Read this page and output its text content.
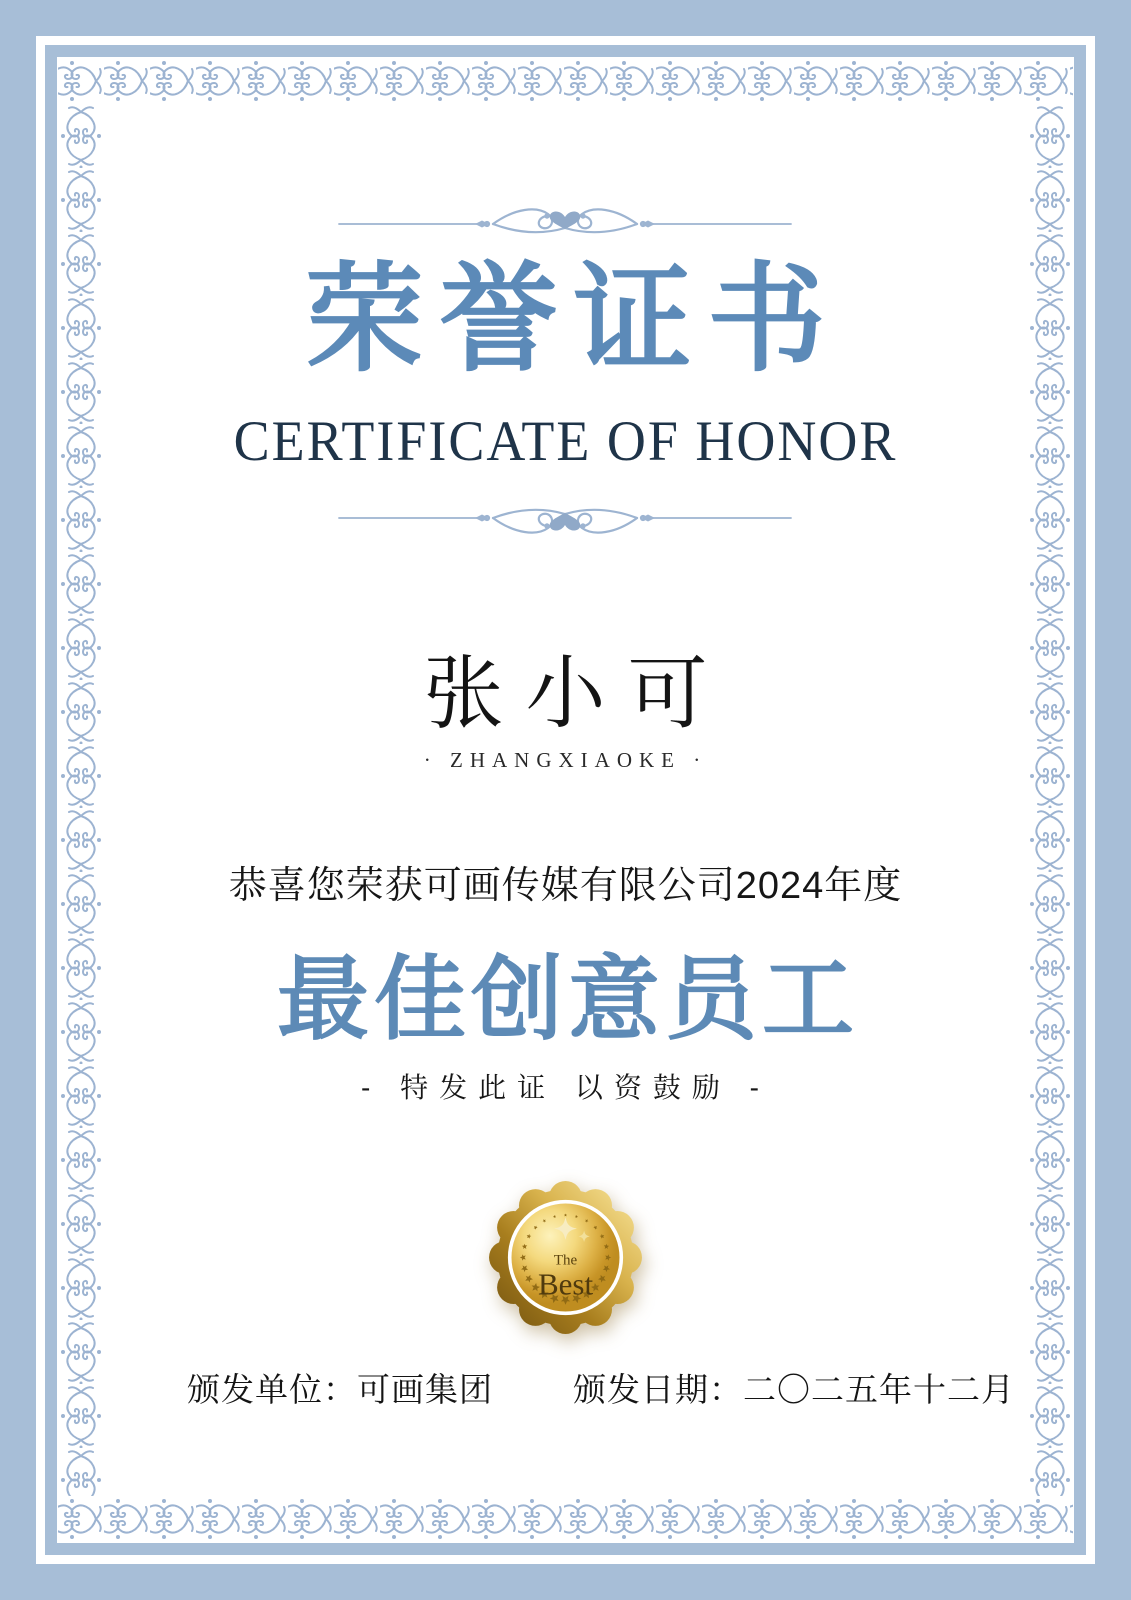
荣誉证书
CERTIFICATE OF HONOR
张小可
· ZHANGXIAOKE ·
恭喜您荣获可画传媒有限公司2024年度
最佳创意员工
- 特发此证 以资鼓励 -
The
Best
颁发单位：可画集团 颁发日期：二〇二五年十二月
